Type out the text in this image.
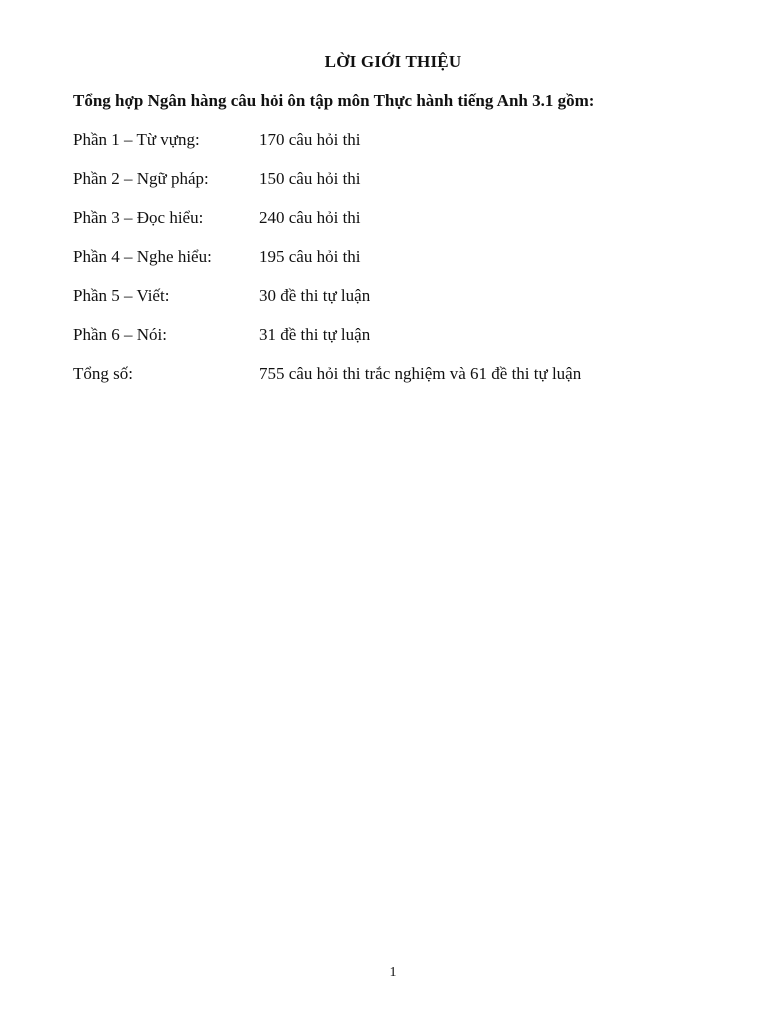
LỜI GIỚI THIỆU
Tổng hợp Ngân hàng câu hỏi ôn tập môn Thực hành tiếng Anh 3.1 gồm:
Phần 1 – Từ vựng:	170 câu hỏi thi
Phần 2 – Ngữ pháp:	150 câu hỏi thi
Phần 3 – Đọc hiểu:	240 câu hỏi thi
Phần 4 – Nghe hiểu:	195 câu hỏi thi
Phần 5 – Viết:	30 đề thi tự luận
Phần 6 – Nói:	31 đề thi tự luận
Tổng số:	755 câu hỏi thi trắc nghiệm và 61 đề thi tự luận
1
